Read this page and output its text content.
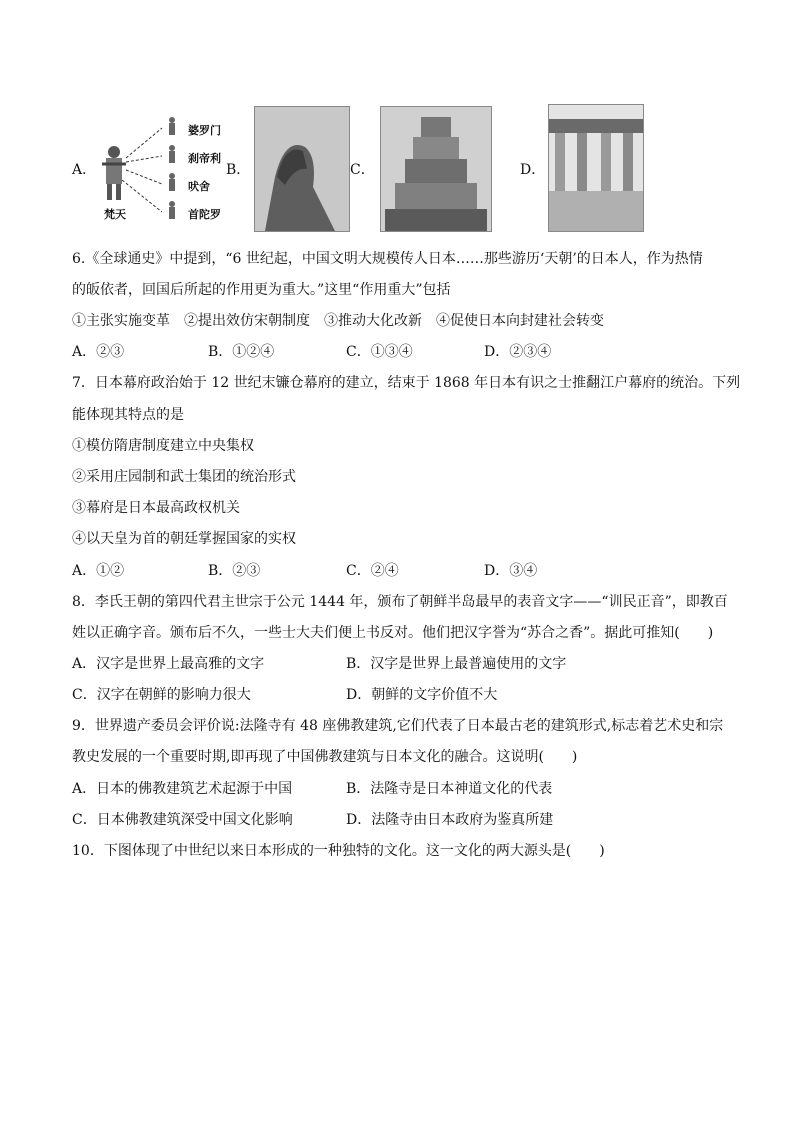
A．
婆罗门
刹帝利
吠舍
首陀罗
梵天
B．	C．	D．
6.《全球通史》中提到，“6 世纪起，中国文明大规模传人日本……那些游历‘天朝’的日本人，作为热情
的皈依者，回国后所起的作用更为重大。”这里“作用重大”包括
①主张实施变革　②提出效仿宋朝制度　③推动大化改新　④促使日本向封建社会转变
A．②③	B．①②④	C．①③④	D．②③④
7．日本幕府政治始于 12 世纪末镰仓幕府的建立，结束于 1868 年日本有识之士推翻江户幕府的统治。下列
能体现其特点的是
①模仿隋唐制度建立中央集权
②采用庄园制和武士集团的统治形式
③幕府是日本最高政权机关
④以天皇为首的朝廷掌握国家的实权
A．①②	B．②③	C．②④	D．③④
8．李氏王朝的第四代君主世宗于公元 1444 年，颁布了朝鲜半岛最早的表音文字——“训民正音”，即教百
姓以正确字音。颁布后不久，一些士大夫们便上书反对。他们把汉字誉为“苏合之香”。据此可推知(　　)
A．汉字是世界上最高雅的文字	B．汉字是世界上最普遍使用的文字
C．汉字在朝鲜的影响力很大	D．朝鲜的文字价值不大
9．世界遗产委员会评价说:法隆寺有 48 座佛教建筑,它们代表了日本最古老的建筑形式,标志着艺术史和宗
教史发展的一个重要时期,即再现了中国佛教建筑与日本文化的融合。这说明(　　)
A．日本的佛教建筑艺术起源于中国	B．法隆寺是日本神道文化的代表
C．日本佛教建筑深受中国文化影响	D．法隆寺由日本政府为鉴真所建
10．下图体现了中世纪以来日本形成的一种独特的文化。这一文化的两大源头是(　　)
